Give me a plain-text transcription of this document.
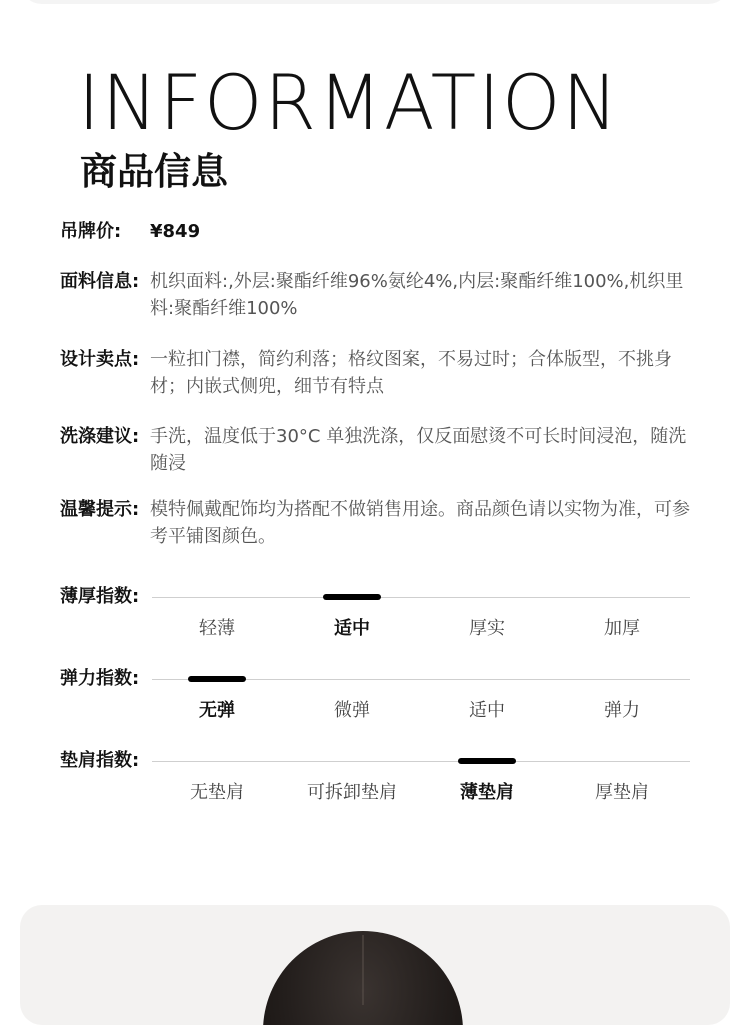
INFORMATION
商品信息
吊牌价:	¥849
面料信息: 机织面料:,外层:聚酯纤维96%氨纶4%,内层:聚酯纤维100%,机织里料:聚酯纤维100%
设计卖点: 一粒扣门襟，简约利落；格纹图案，不易过时；合体版型，不挑身材；内嵌式侧兜，细节有特点
洗涤建议: 手洗，温度低于30°C 单独洗涤，仅反面慰烫不可长时间浸泡，随洗随浸
温馨提示: 模特佩戴配饰均为搭配不做销售用途。商品颜色请以实物为准，可参考平铺图颜色。
薄厚指数:
轻薄	适中	厚实	加厚
弹力指数:
无弹	微弹	适中	弹力
垫肩指数:
无垫肩	可拆卸垫肩	薄垫肩	厚垫肩
